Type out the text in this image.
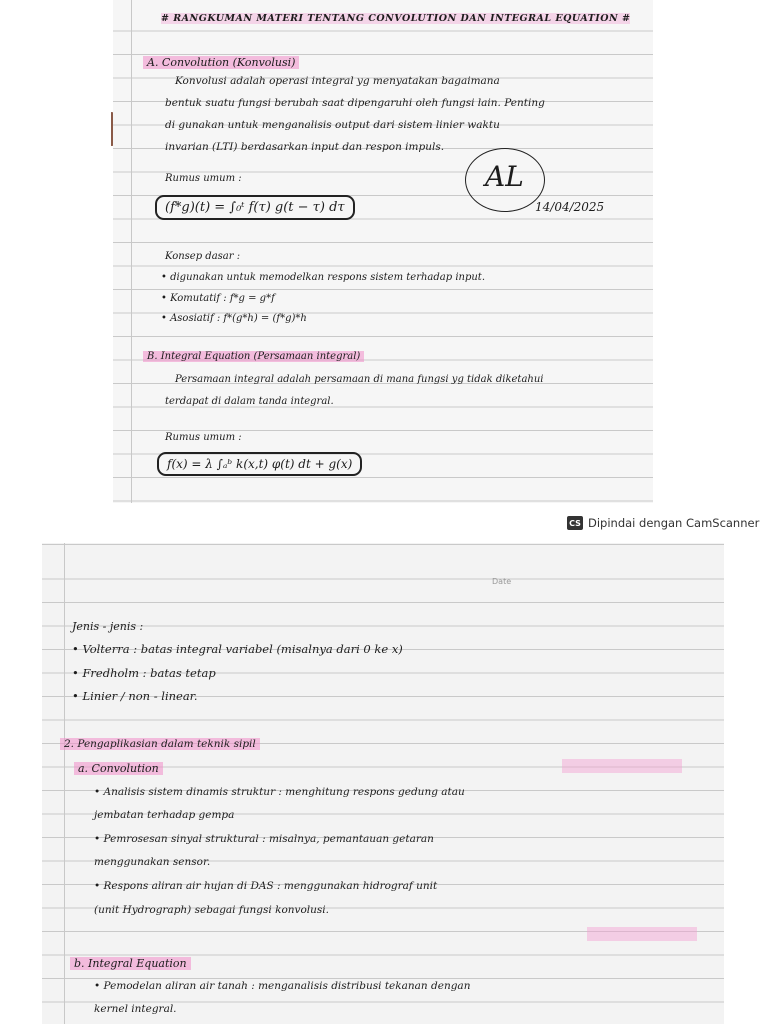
# RANGKUMAN MATERI TENTANG CONVOLUTION DAN INTEGRAL EQUATION #
A. Convolution (Konvolusi)
Konvolusi adalah operasi integral yg menyatakan bagaimana
bentuk suatu fungsi berubah saat dipengaruhi oleh fungsi lain. Penting
di gunakan untuk menganalisis output dari sistem linier waktu
invarian (LTI) berdasarkan input dan respon impuls.
Rumus umum :
(f*g)(t) = ∫₀ᵗ f(τ) g(t − τ) dτ
AL
14/04/2025
Konsep dasar :
• digunakan untuk memodelkan respons sistem terhadap input.
• Komutatif : f*g = g*f
• Asosiatif : f*(g*h) = (f*g)*h
B. Integral Equation (Persamaan integral)
Persamaan integral adalah persamaan di mana fungsi yg tidak diketahui
terdapat di dalam tanda integral.
Rumus umum :
f(x) = λ ∫ₐᵇ k(x,t) φ(t) dt + g(x)
CS Dipindai dengan CamScanner
Date
Jenis - jenis :
• Volterra : batas integral variabel (misalnya dari 0 ke x)
• Fredholm : batas tetap
• Linier / non - linear.
2. Pengaplikasian dalam teknik sipil
a. Convolution
• Analisis sistem dinamis struktur : menghitung respons gedung atau
jembatan terhadap gempa
• Pemrosesan sinyal struktural : misalnya, pemantauan getaran
menggunakan sensor.
• Respons aliran air hujan di DAS : menggunakan hidrograf unit
(unit Hydrograph) sebagai fungsi konvolusi.
b. Integral Equation
• Pemodelan aliran air tanah : menganalisis distribusi tekanan dengan
kernel integral.
